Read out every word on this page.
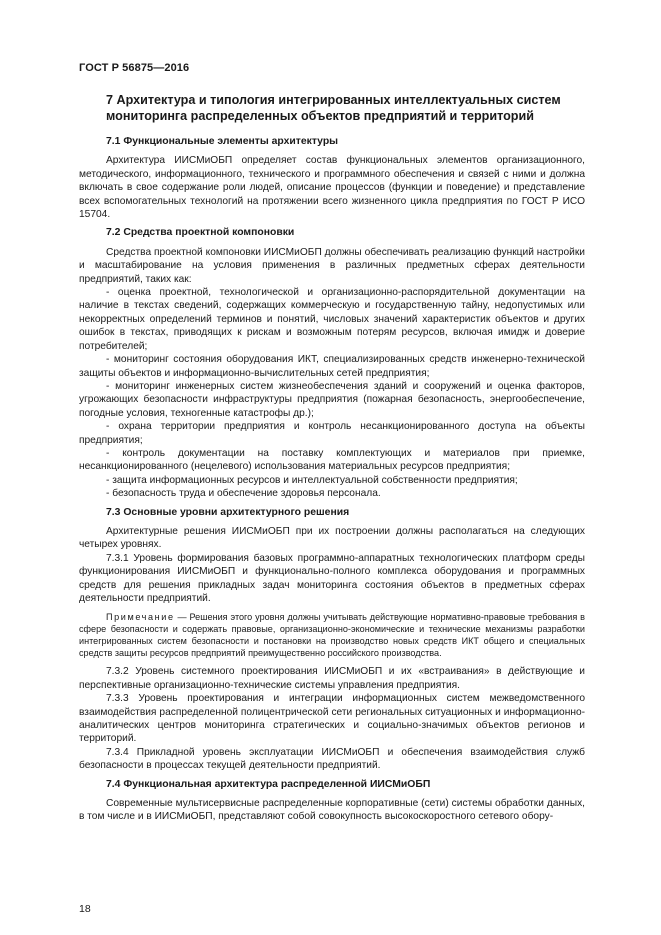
ГОСТ Р 56875—2016
7 Архитектура и типология интегрированных интеллектуальных систем мониторинга распределенных объектов предприятий и территорий
7.1 Функциональные элементы архитектуры

Архитектура ИИСМиОБП определяет состав функциональных элементов организационного, методического, информационного, технического и программного обеспечения и связей с ними и должна включать в свое содержание роли людей, описание процессов (функции и поведение) и представление всех вспомогательных технологий на протяжении всего жизненного цикла предприятия по ГОСТ Р ИСО 15704.

7.2 Средства проектной компоновки

Средства проектной компоновки ИИСМиОБП должны обеспечивать реализацию функций настройки и масштабирование на условия применения в различных предметных сферах деятельности предприятий, таких как:

- оценка проектной, технологической и организационно-распорядительной документации на наличие в текстах сведений, содержащих коммерческую и государственную тайну, недопустимых или некорректных определений терминов и понятий, числовых значений характеристик объектов и других ошибок в текстах, приводящих к рискам и возможным потерям ресурсов, включая имидж и доверие потребителей;

- мониторинг состояния оборудования ИКТ, специализированных средств инженерно-технической защиты объектов и информационно-вычислительных сетей предприятия;

- мониторинг инженерных систем жизнеобеспечения зданий и сооружений и оценка факторов, угрожающих безопасности инфраструктуры предприятия (пожарная безопасность, энергообеспечение, погодные условия, техногенные катастрофы др.);

- охрана территории предприятия и контроль несанкционированного доступа на объекты предприятия;

- контроль документации на поставку комплектующих и материалов при приемке, несанкционированного (нецелевого) использования материальных ресурсов предприятия;

- защита информационных ресурсов и интеллектуальной собственности предприятия;

- безопасность труда и обеспечение здоровья персонала.

7.3 Основные уровни архитектурного решения

Архитектурные решения ИИСМиОБП при их построении должны располагаться на следующих четырех уровнях.

7.3.1 Уровень формирования базовых программно-аппаратных технологических платформ среды функционирования ИИСМиОБП и функционально-полного комплекса оборудования и программных средств для решения прикладных задач мониторинга состояния объектов в предметных сферах деятельности предприятий.

Примечание — Решения этого уровня должны учитывать действующие нормативно-правовые требования в сфере безопасности и содержать правовые, организационно-экономические и технические механизмы разработки интегрированных систем безопасности и постановки на производство новых средств ИКТ общего и специальных средств защиты ресурсов предприятий преимущественно российского производства.

7.3.2 Уровень системного проектирования ИИСМиОБП и их «встраивания» в действующие и перспективные организационно-технические системы управления предприятия.

7.3.3 Уровень проектирования и интеграции информационных систем межведомственного взаимодействия распределенной полицентрической сети региональных ситуационных и информационно-аналитических центров мониторинга стратегических и социально-значимых объектов регионов и территорий.

7.3.4 Прикладной уровень эксплуатации ИИСМиОБП и обеспечения взаимодействия служб безопасности в процессах текущей деятельности предприятий.

7.4 Функциональная архитектура распределенной ИИСМиОБП

Современные мультисервисные распределенные корпоративные (сети) системы обработки данных, в том числе и в ИИСМиОБП, представляют собой совокупность высокоскоростного сетевого обору-

18
